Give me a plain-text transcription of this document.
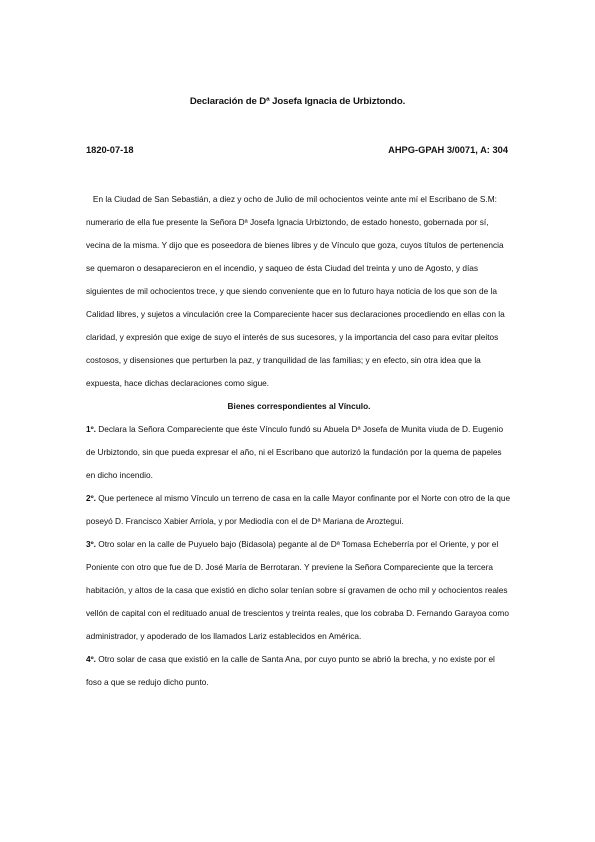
Declaración de Dª Josefa Ignacia de Urbiztondo.
1820-07-18	AHPG-GPAH 3/0071, A: 304

En la Ciudad de San Sebastián, a diez y ocho de Julio de mil ochocientos veinte ante mí el Escribano de S.M: numerario de ella fue presente la Señora Dª Josefa Ignacia Urbiztondo, de estado honesto, gobernada por sí, vecina de la misma. Y dijo que es poseedora de bienes libres y de Vínculo que goza, cuyos títulos de pertenencia se quemaron o desaparecieron en el incendio, y saqueo de ésta Ciudad del treinta y uno de Agosto, y días siguientes de mil ochocientos trece, y que siendo conveniente que en lo futuro haya noticia de los que son de la Calidad libres, y sujetos a vinculación cree la Compareciente hacer sus declaraciones procediendo en ellas con la claridad, y expresión que exige de suyo el interés de sus sucesores, y la importancia del caso para evitar pleitos costosos, y disensiones que perturben la paz, y tranquilidad de las familias; y en efecto, sin otra idea que la expuesta, hace dichas declaraciones como sigue.

Bienes correspondientes al Vínculo.

1º. Declara la Señora Compareciente que éste Vínculo fundó su Abuela Dª Josefa de Munita viuda de D. Eugenio de Urbiztondo, sin que pueda expresar el año, ni el Escribano que autorizó la fundación por la quema de papeles en dicho incendio.

2º. Que pertenece al mismo Vínculo un terreno de casa en la calle Mayor confinante por el Norte con otro de la que poseyó D. Francisco Xabier Arriola, y por Mediodía con el de Dª Mariana de Aroztegui.

3º. Otro solar en la calle de Puyuelo bajo (Bidasola) pegante al de Dª Tomasa Echeberría por el Oriente, y por el Poniente con otro que fue de D. José María de Berrotaran. Y previene la Señora Compareciente que la tercera habitación, y altos de la casa que existió en dicho solar tenían sobre sí gravamen de ocho mil y ochocientos reales vellón de capital con el redituado anual de trescientos y treinta reales, que los cobraba D. Fernando Garayoa como administrador, y apoderado de los llamados Lariz establecidos en América.

4º. Otro solar de casa que existió en la calle de Santa Ana, por cuyo punto se abrió la brecha, y no existe por el foso a que se redujo dicho punto.
